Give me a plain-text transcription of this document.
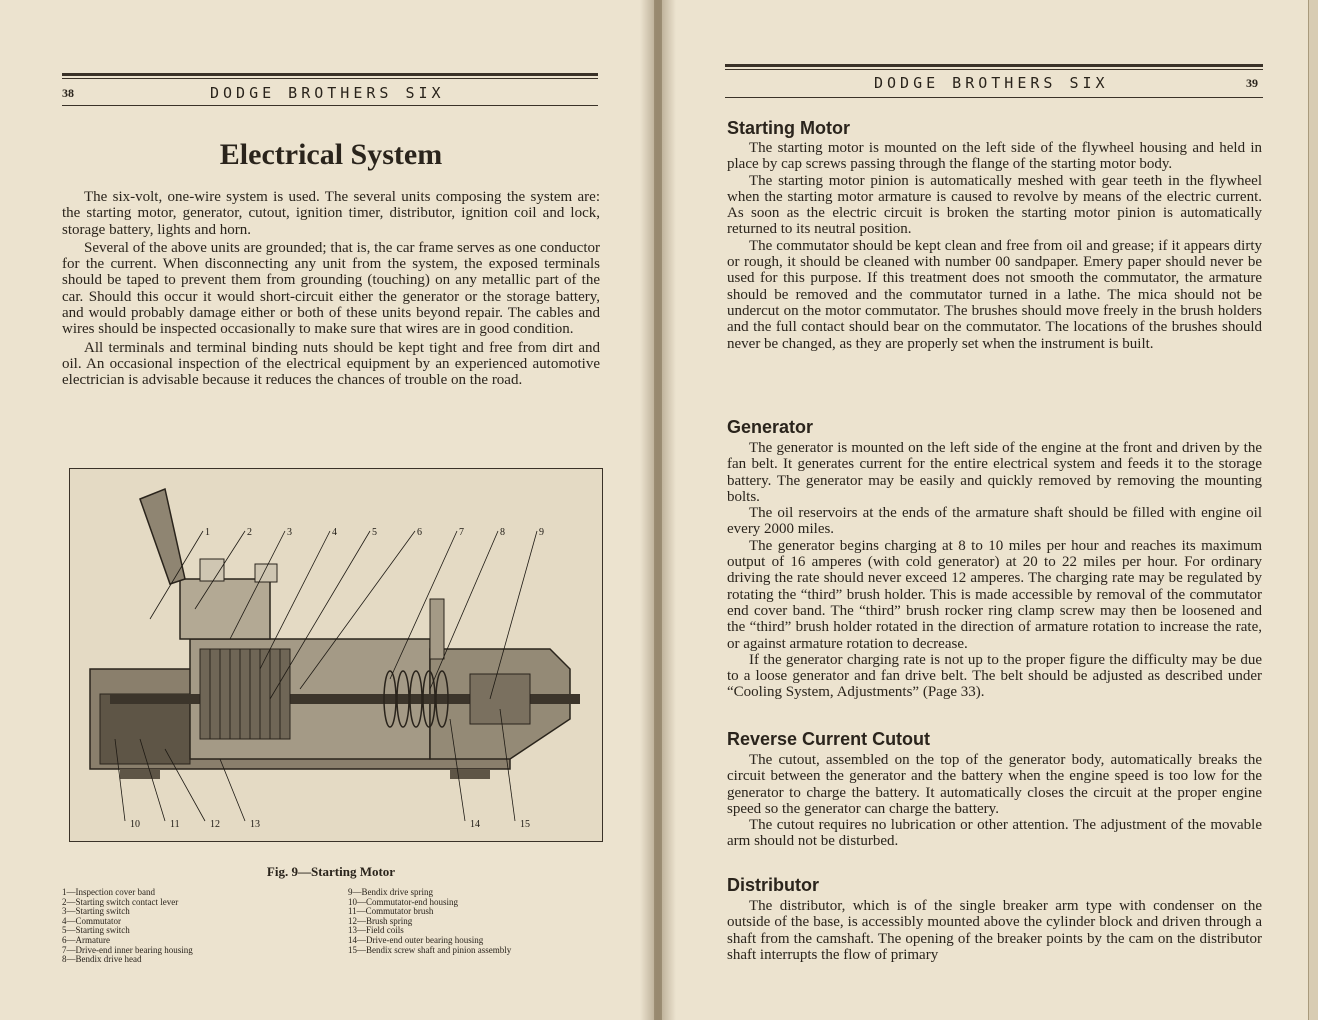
38	DODGE BROTHERS SIX
Electrical System

The six-volt, one-wire system is used. The several units composing the system are: the starting motor, generator, cutout, ignition timer, distributor, ignition coil and lock, storage battery, lights and horn.

Several of the above units are grounded; that is, the car frame serves as one conductor for the current. When disconnecting any unit from the system, the exposed terminals should be taped to prevent them from grounding (touching) on any metallic part of the car. Should this occur it would short-circuit either the generator or the storage battery, and would probably damage either or both of these units beyond repair. The cables and wires should be inspected occasionally to make sure that wires are in good condition.

All terminals and terminal binding nuts should be kept tight and free from dirt and oil. An occasional inspection of the electrical equipment by an experienced automotive electrician is advisable because it reduces the chances of trouble on the road.

1	2	3	4	5	6	7	8	9
10	11	12	13	14	15
Fig. 9—Starting Motor
1—Inspection cover band
2—Starting switch contact lever
3—Starting switch
4—Commutator
5—Starting switch
6—Armature
7—Drive-end inner bearing housing
8—Bendix drive head
9—Bendix drive spring
10—Commutator-end housing
11—Commutator brush
12—Brush spring
13—Field coils
14—Drive-end outer bearing housing
15—Bendix screw shaft and pinion assembly
DODGE BROTHERS SIX	39
Starting Motor

The starting motor is mounted on the left side of the flywheel housing and held in place by cap screws passing through the flange of the starting motor body.

The starting motor pinion is automatically meshed with gear teeth in the flywheel when the starting motor armature is caused to revolve by means of the electric current. As soon as the electric circuit is broken the starting motor pinion is automatically returned to its neutral position.

The commutator should be kept clean and free from oil and grease; if it appears dirty or rough, it should be cleaned with number 00 sandpaper. Emery paper should never be used for this purpose. If this treatment does not smooth the commutator, the armature should be removed and the commutator turned in a lathe. The mica should not be undercut on the motor commutator. The brushes should move freely in the brush holders and the full contact should bear on the commutator. The locations of the brushes should never be changed, as they are properly set when the instrument is built.

Generator

The generator is mounted on the left side of the engine at the front and driven by the fan belt. It generates current for the entire electrical system and feeds it to the storage battery. The generator may be easily and quickly removed by removing the mounting bolts.

The oil reservoirs at the ends of the armature shaft should be filled with engine oil every 2000 miles.

The generator begins charging at 8 to 10 miles per hour and reaches its maximum output of 16 amperes (with cold generator) at 20 to 22 miles per hour. For ordinary driving the rate should never exceed 12 amperes. The charging rate may be regulated by rotating the “third” brush holder. This is made accessible by removal of the commutator end cover band. The “third” brush rocker ring clamp screw may then be loosened and the “third” brush holder rotated in the direction of armature rotation to increase the rate, or against armature rotation to decrease.

If the generator charging rate is not up to the proper figure the difficulty may be due to a loose generator and fan drive belt. The belt should be adjusted as described under “Cooling System, Adjustments” (Page 33).

Reverse Current Cutout

The cutout, assembled on the top of the generator body, automatically breaks the circuit between the generator and the battery when the engine speed is too low for the generator to charge the battery. It automatically closes the circuit at the proper engine speed so the generator can charge the battery.

The cutout requires no lubrication or other attention. The adjustment of the movable arm should not be disturbed.

Distributor

The distributor, which is of the single breaker arm type with condenser on the outside of the base, is accessibly mounted above the cylinder block and driven through a shaft from the camshaft. The opening of the breaker points by the cam on the distributor shaft interrupts the flow of primary
